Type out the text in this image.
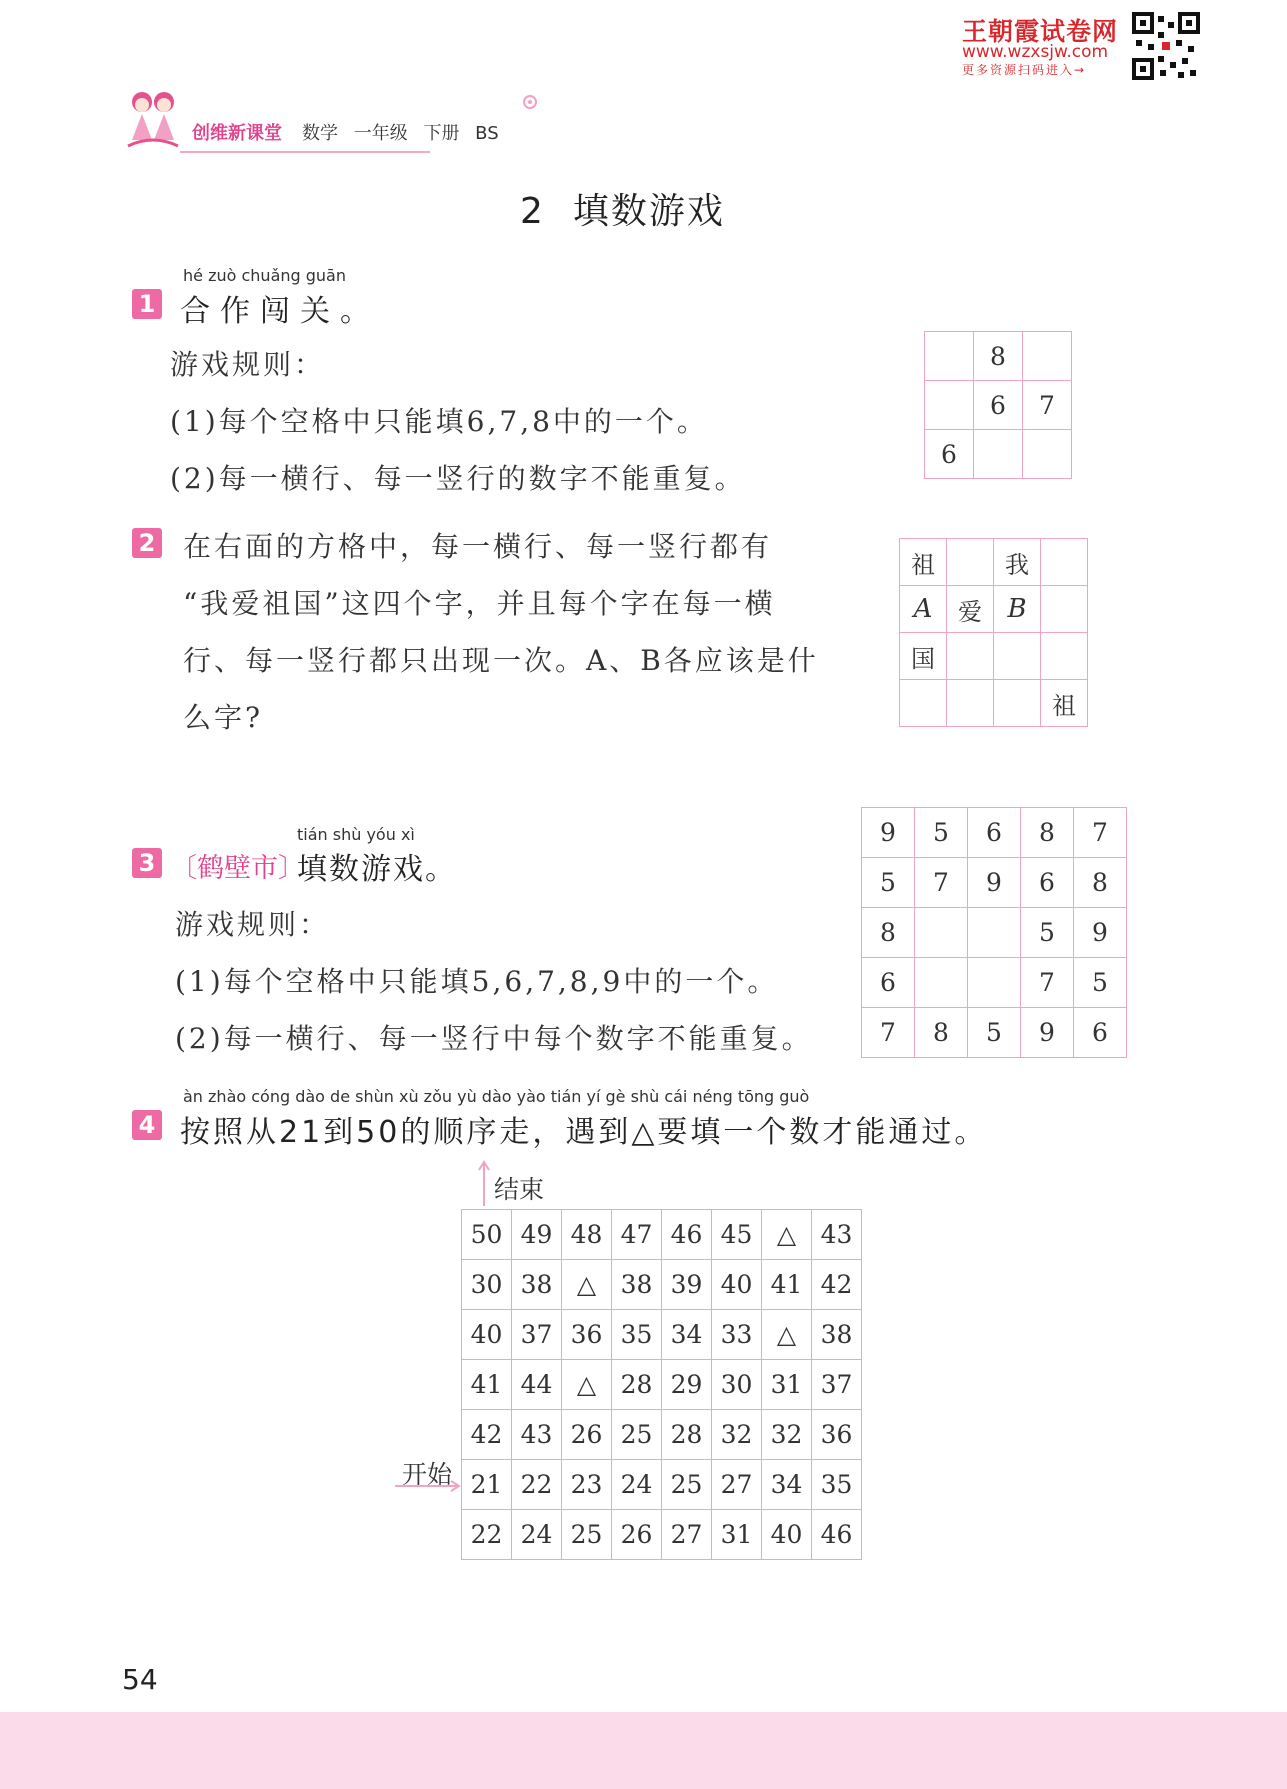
创维新课堂 数学 一年级 下册 BS
王朝霞试卷网
www.wzxsjw.com
更多资源扫码进入→
2 填数游戏
hé zuò chuǎng guān
1 合作闯关。
游戏规则：
(1)每个空格中只能填6,7,8中的一个。
(2)每一横行、每一竖行的数字不能重复。
	8	
	6	7
6		
2 在右面的方格中，每一横行、每一竖行都有
“我爱祖国”这四个字，并且每个字在每一横
行、每一竖行都只出现一次。A、B各应该是什
么字?
祖		我	
A	爱	B	
国			
			祖
tián shù yóu xì
3 〔鹤壁市〕
填数游戏。
游戏规则：
(1)每个空格中只能填5,6,7,8,9中的一个。
(2)每一横行、每一竖行中每个数字不能重复。
9	5	6	8	7
5	7	9	6	8
8			5	9
6			7	5
7	8	5	9	6
àn zhào cóng dào de shùn xù zǒu yù dào yào tián yí gè shù cái néng tōng guò
4 按照从21到50的顺序走，遇到△要填一个数才能通过。
结束
开始
50	49	48	47	46	45	△	43
30	38	△	38	39	40	41	42
40	37	36	35	34	33	△	38
41	44	△	28	29	30	31	37
42	43	26	25	28	32	32	36
21	22	23	24	25	27	34	35
22	24	25	26	27	31	40	46
54
